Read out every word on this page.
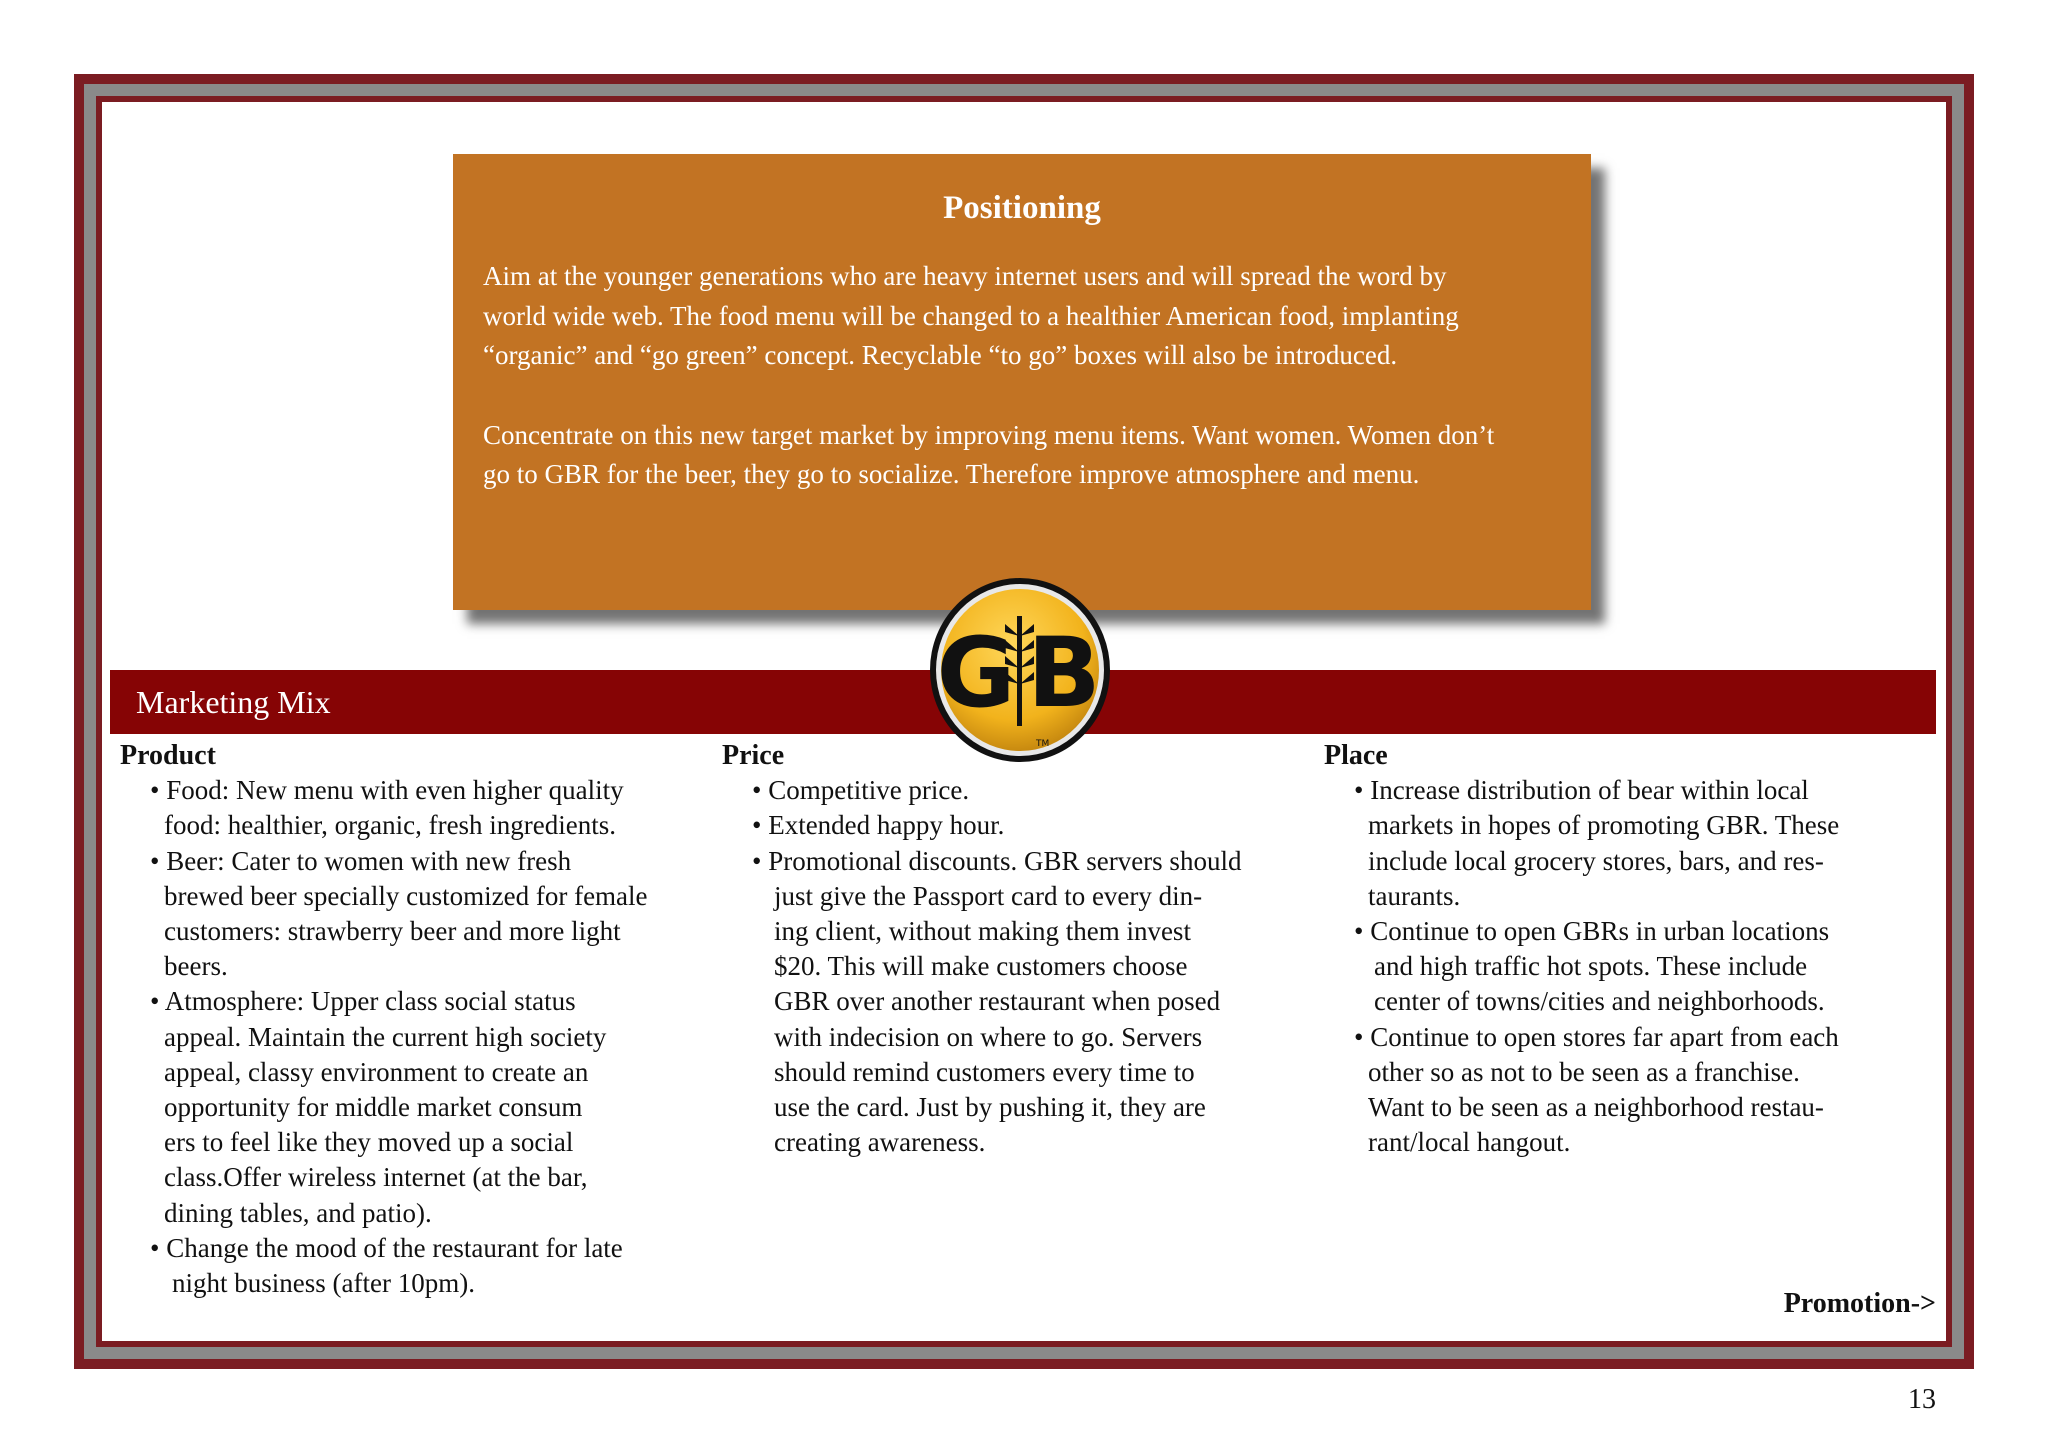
Positioning
Aim at the younger generations who are heavy internet users and will spread the word by
world wide web. The food menu will be changed to a healthier American food, implanting
“organic” and “go green” concept. Recyclable “to go” boxes will also be introduced.
Concentrate on this new target market by improving menu items. Want women. Women don’t
go to GBR for the beer, they go to socialize. Therefore improve atmosphere and menu.
Marketing Mix	G B
TM
Product
• Food: New menu with even higher quality
food: healthier, organic, fresh ingredients.
• Beer: Cater to women with new fresh
brewed beer specially customized for female
customers: strawberry beer and more light
beers.
• Atmosphere: Upper class social status
appeal. Maintain the current high society
appeal, classy environment to create an
opportunity for middle market consum
ers to feel like they moved up a social
class.Offer wireless internet (at the bar,
dining tables, and patio).
• Change the mood of the restaurant for late
night business (after 10pm).
Price
• Competitive price.
• Extended happy hour.
• Promotional discounts. GBR servers should
just give the Passport card to every din-
ing client, without making them invest
$20. This will make customers choose
GBR over another restaurant when posed
with indecision on where to go. Servers
should remind customers every time to
use the card. Just by pushing it, they are
creating awareness.
Place
• Increase distribution of bear within local
markets in hopes of promoting GBR. These
include local grocery stores, bars, and res-
taurants.
• Continue to open GBRs in urban locations
and high traffic hot spots. These include
center of towns/cities and neighborhoods.
• Continue to open stores far apart from each
other so as not to be seen as a franchise.
Want to be seen as a neighborhood restau-
rant/local hangout.
Promotion->
13
